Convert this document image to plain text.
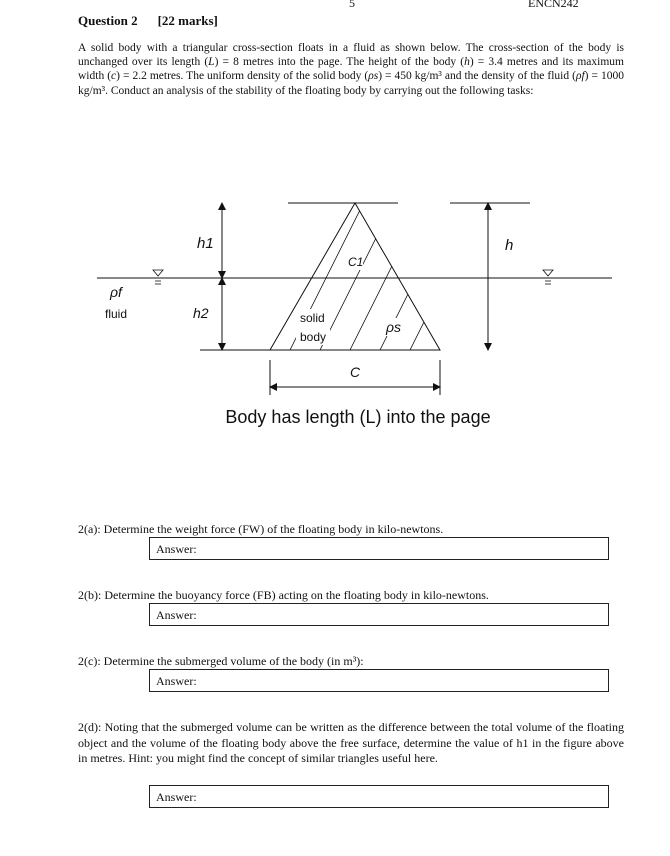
5	ENCN242
Question 2 [22 marks]
A solid body with a triangular cross-section floats in a fluid as shown below. The cross-section of the body is unchanged over its length (L) = 8 metres into the page. The height of the body (h) = 3.4 metres and its maximum width (c) = 2.2 metres. The uniform density of the solid body (ρs) = 450 kg/m³ and the density of the fluid (ρf) = 1000 kg/m³. Conduct an analysis of the stability of the floating body by carrying out the following tasks:
h1
h2
h
C1
ρf
fluid	solid
body
ρs
C
Body has length (L) into the page
2(a): Determine the weight force (FW) of the floating body in kilo-newtons.
Answer:
2(b): Determine the buoyancy force (FB) acting on the floating body in kilo-newtons.
Answer:
2(c): Determine the submerged volume of the body (in m³):
Answer:
2(d): Noting that the submerged volume can be written as the difference between the total volume of the floating object and the volume of the floating body above the free surface, determine the value of h1 in the figure above in metres. Hint: you might find the concept of similar triangles useful here.
Answer:
